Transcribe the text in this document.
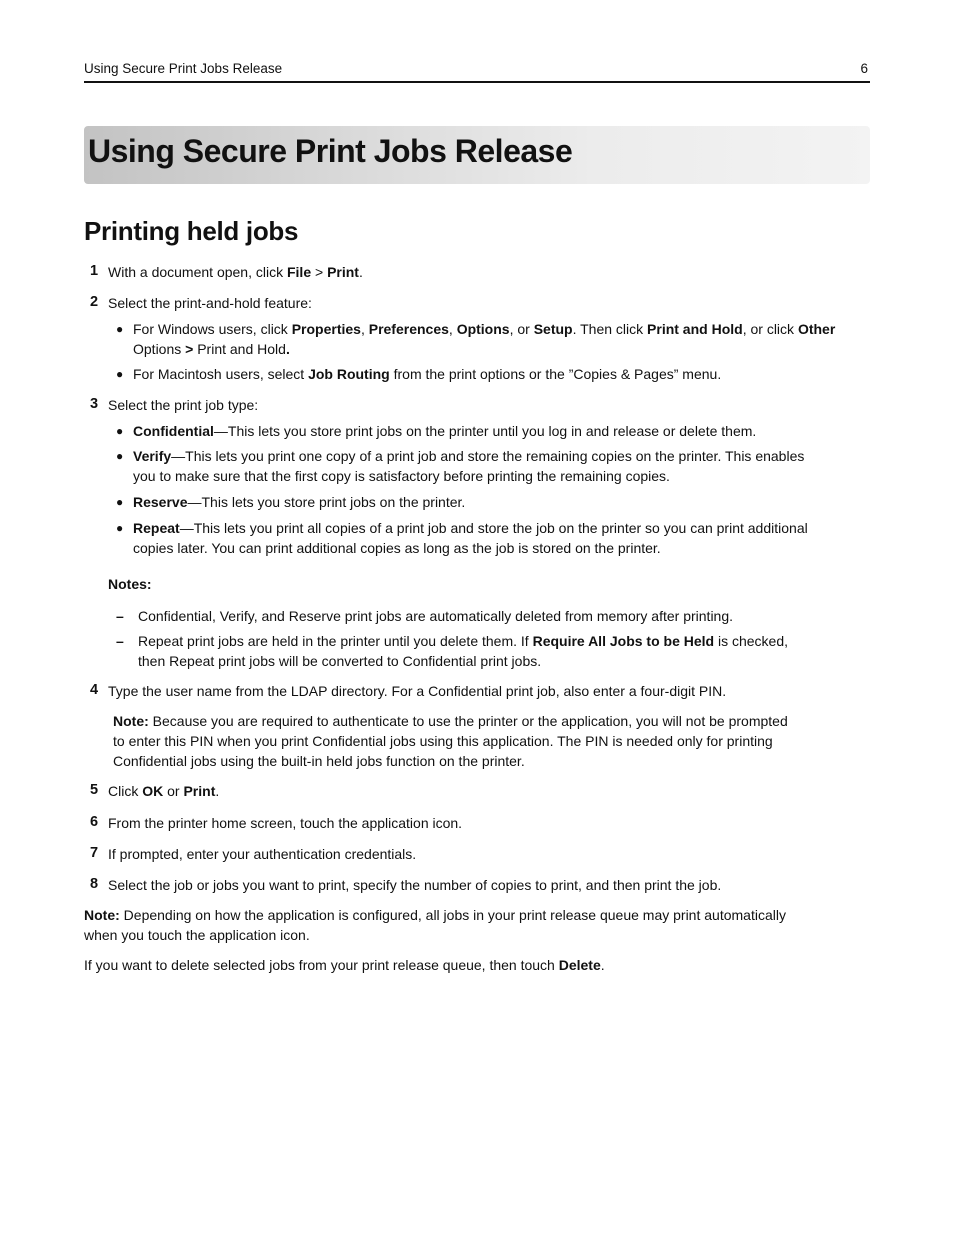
Using Secure Print Jobs Release	6
Using Secure Print Jobs Release
Printing held jobs
1 With a document open, click File > Print.
2 Select the print-and-hold feature:
● For Windows users, click Properties, Preferences, Options, or Setup. Then click Print and Hold, or click Other
Options > Print and Hold.
● For Macintosh users, select Job Routing from the print options or the ”Copies & Pages” menu.
3 Select the print job type:
● Confidential—This lets you store print jobs on the printer until you log in and release or delete them.
● Verify—This lets you print one copy of a print job and store the remaining copies on the printer. This enables
you to make sure that the first copy is satisfactory before printing the remaining copies.
● Reserve—This lets you store print jobs on the printer.
● Repeat—This lets you print all copies of a print job and store the job on the printer so you can print additional
copies later. You can print additional copies as long as the job is stored on the printer.
Notes:
– Confidential, Verify, and Reserve print jobs are automatically deleted from memory after printing.
– Repeat print jobs are held in the printer until you delete them. If Require All Jobs to be Held is checked,
then Repeat print jobs will be converted to Confidential print jobs.
4 Type the user name from the LDAP directory. For a Confidential print job, also enter a four-digit PIN.
Note: Because you are required to authenticate to use the printer or the application, you will not be prompted
to enter this PIN when you print Confidential jobs using this application. The PIN is needed only for printing
Confidential jobs using the built-in held jobs function on the printer.
5 Click OK or Print.
6 From the printer home screen, touch the application icon.
7 If prompted, enter your authentication credentials.
8 Select the job or jobs you want to print, specify the number of copies to print, and then print the job.
Note: Depending on how the application is configured, all jobs in your print release queue may print automatically
when you touch the application icon.
If you want to delete selected jobs from your print release queue, then touch Delete.
